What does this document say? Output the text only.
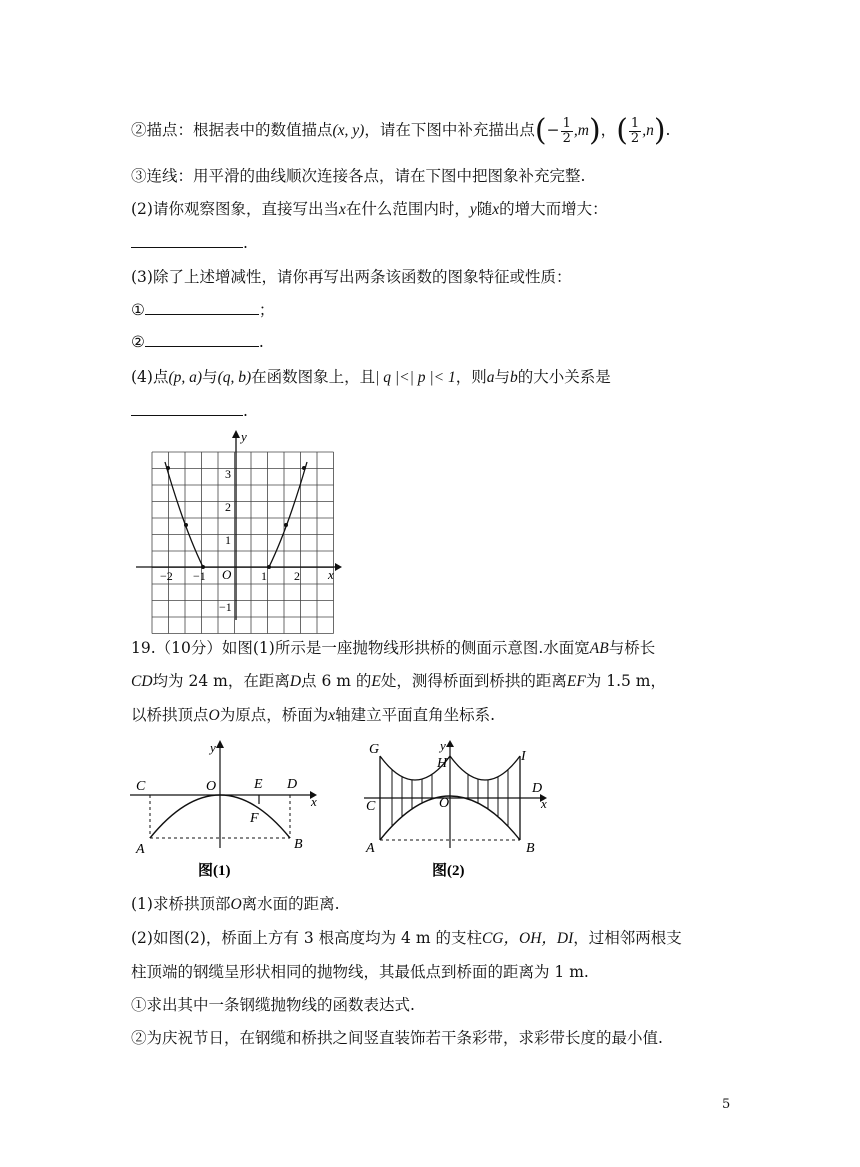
②描点：根据表中的数值描点(x, y)，请在下图中补充描出点(− $\frac{1}{2} ,m$)，( $\frac{1}{2} ,n$).
③连线：用平滑的曲线顺次连接各点，请在下图中把图象补充完整.
(2)请你观察图象，直接写出当x在什么范围内时，y随x的增大而增大：
.
(3)除了上述增减性，请你再写出两条该函数的图象特征或性质：
①	；
②	.
(4)点(p, a)与(q, b)在函数图象上，且| q |<| p |< 1，则a与b的大小关系是
.
y
x
O
3
2
1
−1
−2 −1	1 2
19.（10分）如图(1)所示是一座抛物线形拱桥的侧面示意图.水面宽AB与桥长
CD均为 24 m，在距离D点 6 m 的E处，测得桥面到桥拱的距离EF为 1.5 m，
以桥拱顶点O为原点，桥面为x轴建立平面直角坐标系.
C	O	E D
x
y
F
A	B
图(1)
G
H	I
C	O
D
x
y
A	B
图(2)
(1)求桥拱顶部O离水面的距离.
(2)如图(2)，桥面上方有 3 根高度均为 4 m 的支柱CG，OH，DI，过相邻两根支
柱顶端的钢缆呈形状相同的抛物线，其最低点到桥面的距离为 1 m.
①求出其中一条钢缆抛物线的函数表达式.
②为庆祝节日，在钢缆和桥拱之间竖直装饰若干条彩带，求彩带长度的最小值.
5
